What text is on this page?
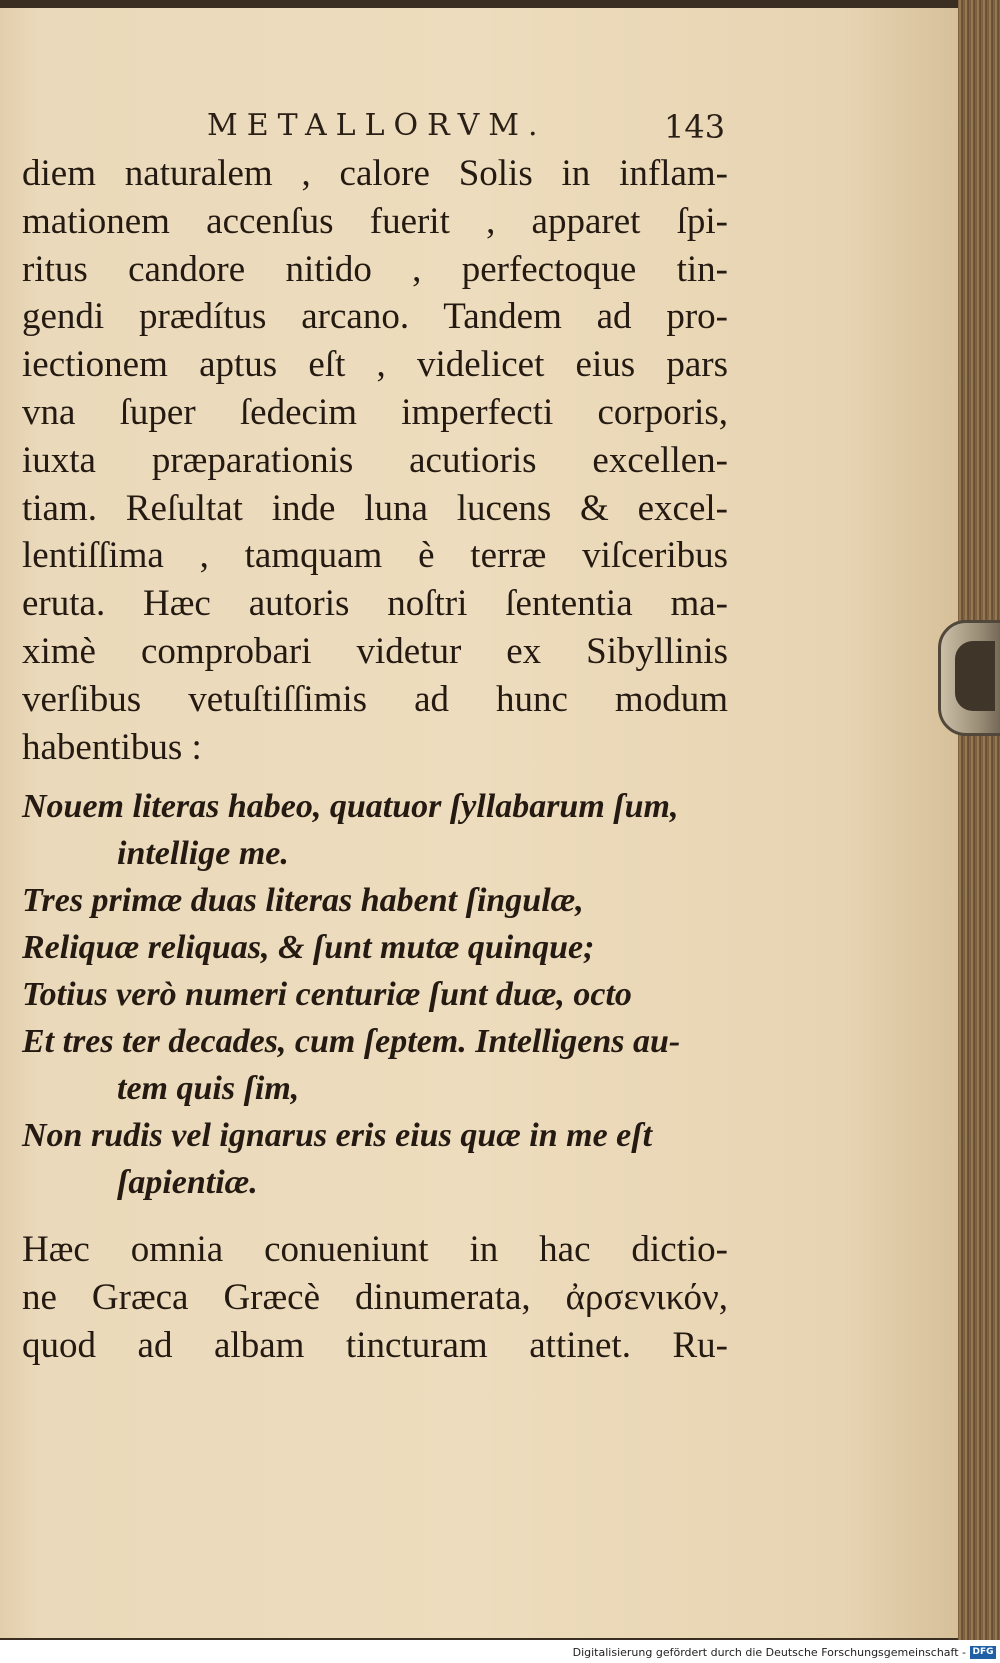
METALLORVM.	143
diem naturalem , calore Solis in inflam-
mationem accenſus fuerit , apparet ſpi-
ritus candore nitido , perfectoque tin-
gendi prædítus arcano. Tandem ad pro-
iectionem aptus eſt , videlicet eius pars
vna ſuper ſedecim imperfecti corporis,
iuxta præparationis acutioris excellen-
tiam. Reſultat inde luna lucens & excel-
lentiſſima , tamquam è terræ viſceribus
eruta. Hæc autoris noſtri ſententia ma-
ximè comprobari videtur ex Sibyllinis
verſibus vetuſtiſſimis ad hunc modum
habentibus :
Nouem literas habeo, quatuor ſyllabarum ſum,
intellige me.
Tres primæ duas literas habent ſingulæ,
Reliquæ reliquas, & ſunt mutæ quinque;
Totius verò numeri centuriæ ſunt duæ, octo
Et tres ter decades, cum ſeptem. Intelligens au-
tem quis ſim,
Non rudis vel ignarus eris eius quæ in me eſt
ſapientiæ.
Hæc omnia conueniunt in hac dictio-
ne Græca Græcè dinumerata, ἀρσενικόν,
quod ad albam tincturam attinet. Ru-
Digitalisierung gefördert durch die Deutsche Forschungsgemeinschaft - DFG
